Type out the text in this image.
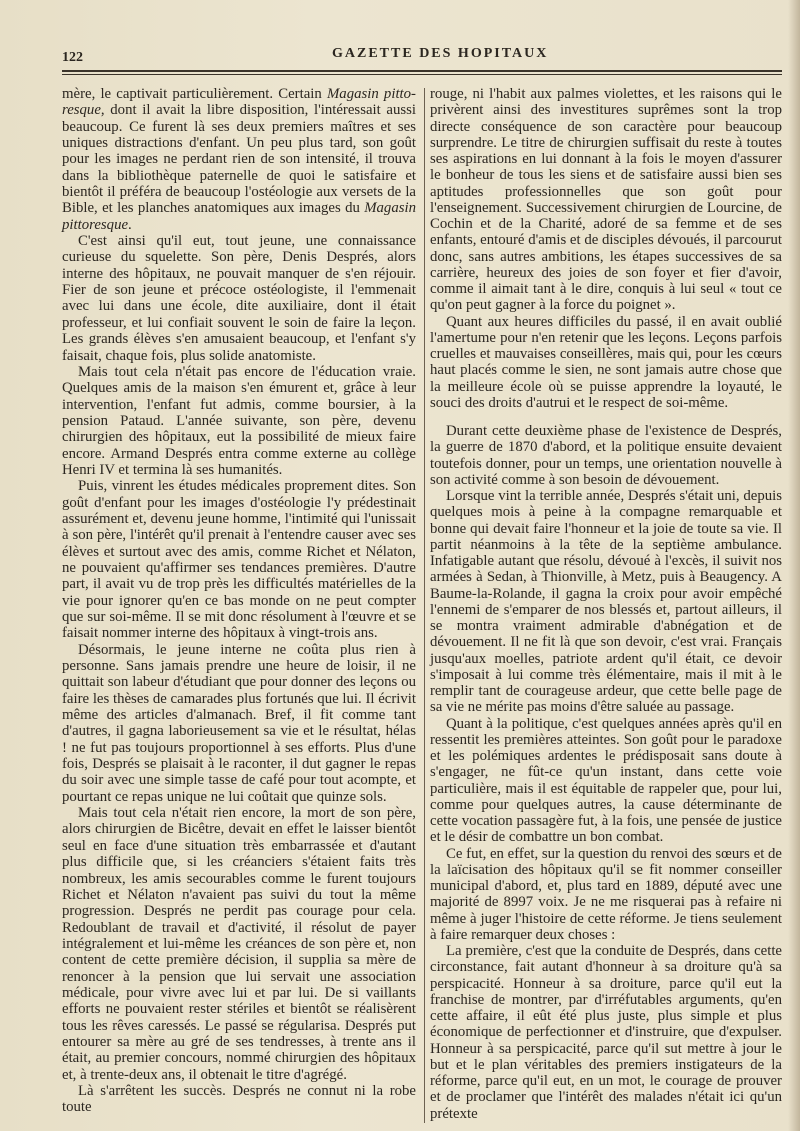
122	GAZETTE DES HOPITAUX

mère, le captivait particulièrement. Certain Magasin pitto-resque, dont il avait la libre disposition, l'intéressait aussi beaucoup. Ce furent là ses deux premiers maîtres et ses uniques distractions d'enfant. Un peu plus tard, son goût pour les images ne perdant rien de son intensité, il trouva dans la bibliothèque paternelle de quoi le satisfaire et bientôt il préféra de beaucoup l'ostéologie aux versets de la Bible, et les planches anatomiques aux images du Magasin pittoresque.

C'est ainsi qu'il eut, tout jeune, une connaissance curieuse du squelette. Son père, Denis Després, alors interne des hôpitaux, ne pouvait manquer de s'en réjouir. Fier de son jeune et précoce ostéologiste, il l'emmenait avec lui dans une école, dite auxiliaire, dont il était professeur, et lui confiait souvent le soin de faire la leçon. Les grands élèves s'en amusaient beaucoup, et l'enfant s'y faisait, chaque fois, plus solide anatomiste.

Mais tout cela n'était pas encore de l'éducation vraie. Quelques amis de la maison s'en émurent et, grâce à leur intervention, l'enfant fut admis, comme boursier, à la pension Pataud. L'année suivante, son père, devenu chirurgien des hôpitaux, eut la possibilité de mieux faire encore. Armand Després entra comme externe au collège Henri IV et termina là ses humanités.

Puis, vinrent les études médicales proprement dites. Son goût d'enfant pour les images d'ostéologie l'y prédestinait assurément et, devenu jeune homme, l'intimité qui l'unissait à son père, l'intérêt qu'il prenait à l'entendre causer avec ses élèves et surtout avec des amis, comme Richet et Nélaton, ne pouvaient qu'affirmer ses tendances premières. D'autre part, il avait vu de trop près les difficultés matérielles de la vie pour ignorer qu'en ce bas monde on ne peut compter que sur soi-même. Il se mit donc résolument à l'œuvre et se faisait nommer interne des hôpitaux à vingt-trois ans.

Désormais, le jeune interne ne coûta plus rien à personne. Sans jamais prendre une heure de loisir, il ne quittait son labeur d'étudiant que pour donner des leçons ou faire les thèses de camarades plus fortunés que lui. Il écrivit même des articles d'almanach. Bref, il fit comme tant d'autres, il gagna laborieusement sa vie et le résultat, hélas ! ne fut pas toujours proportionnel à ses efforts. Plus d'une fois, Després se plaisait à le raconter, il dut gagner le repas du soir avec une simple tasse de café pour tout acompte, et pourtant ce repas unique ne lui coûtait que quinze sols.

Mais tout cela n'était rien encore, la mort de son père, alors chirurgien de Bicêtre, devait en effet le laisser bientôt seul en face d'une situation très embarrassée et d'autant plus difficile que, si les créanciers s'étaient faits très nombreux, les amis secourables comme le furent toujours Richet et Nélaton n'avaient pas suivi du tout la même progression. Després ne perdit pas courage pour cela. Redoublant de travail et d'activité, il résolut de payer intégralement et lui-même les créances de son père et, non content de cette première décision, il supplia sa mère de renoncer à la pension que lui servait une association médicale, pour vivre avec lui et par lui. De si vaillants efforts ne pouvaient rester stériles et bientôt se réalisèrent tous les rêves caressés. Le passé se régularisa. Després put entourer sa mère au gré de ses tendresses, à trente ans il était, au premier concours, nommé chirurgien des hôpitaux et, à trente-deux ans, il obtenait le titre d'agrégé.

Là s'arrêtent les succès. Després ne connut ni la robe toute

rouge, ni l'habit aux palmes violettes, et les raisons qui le privèrent ainsi des investitures suprêmes sont la trop directe conséquence de son caractère pour beaucoup surprendre. Le titre de chirurgien suffisait du reste à toutes ses aspirations en lui donnant à la fois le moyen d'assurer le bonheur de tous les siens et de satisfaire aussi bien ses aptitudes professionnelles que son goût pour l'enseignement. Successivement chirurgien de Lourcine, de Cochin et de la Charité, adoré de sa femme et de ses enfants, entouré d'amis et de disciples dévoués, il parcourut donc, sans autres ambitions, les étapes successives de sa carrière, heureux des joies de son foyer et fier d'avoir, comme il aimait tant à le dire, conquis à lui seul « tout ce qu'on peut gagner à la force du poignet ».

Quant aux heures difficiles du passé, il en avait oublié l'amertume pour n'en retenir que les leçons. Leçons parfois cruelles et mauvaises conseillères, mais qui, pour les cœurs haut placés comme le sien, ne sont jamais autre chose que la meilleure école où se puisse apprendre la loyauté, le souci des droits d'autrui et le respect de soi-même.

Durant cette deuxième phase de l'existence de Després, la guerre de 1870 d'abord, et la politique ensuite devaient toutefois donner, pour un temps, une orientation nouvelle à son activité comme à son besoin de dévouement.

Lorsque vint la terrible année, Després s'était uni, depuis quelques mois à peine à la compagne remarquable et bonne qui devait faire l'honneur et la joie de toute sa vie. Il partit néanmoins à la tête de la septième ambulance. Infatigable autant que résolu, dévoué à l'excès, il suivit nos armées à Sedan, à Thionville, à Metz, puis à Beaugency. A Baume-la-Rolande, il gagna la croix pour avoir empêché l'ennemi de s'emparer de nos blessés et, partout ailleurs, il se montra vraiment admirable d'abnégation et de dévouement. Il ne fit là que son devoir, c'est vrai. Français jusqu'aux moelles, patriote ardent qu'il était, ce devoir s'imposait à lui comme très élémentaire, mais il mit à le remplir tant de courageuse ardeur, que cette belle page de sa vie ne mérite pas moins d'être saluée au passage.

Quant à la politique, c'est quelques années après qu'il en ressentit les premières atteintes. Son goût pour le paradoxe et les polémiques ardentes le prédisposait sans doute à s'engager, ne fût-ce qu'un instant, dans cette voie particulière, mais il est équitable de rappeler que, pour lui, comme pour quelques autres, la cause déterminante de cette vocation passagère fut, à la fois, une pensée de justice et le désir de combattre un bon combat.

Ce fut, en effet, sur la question du renvoi des sœurs et de la laïcisation des hôpitaux qu'il se fit nommer conseiller municipal d'abord, et, plus tard en 1889, député avec une majorité de 8997 voix. Je ne me risquerai pas à refaire ni même à juger l'histoire de cette réforme. Je tiens seulement à faire remarquer deux choses :

La première, c'est que la conduite de Després, dans cette circonstance, fait autant d'honneur à sa droiture qu'à sa perspicacité. Honneur à sa droiture, parce qu'il eut la franchise de montrer, par d'irréfutables arguments, qu'en cette affaire, il eût été plus juste, plus simple et plus économique de perfectionner et d'instruire, que d'expulser. Honneur à sa perspicacité, parce qu'il sut mettre à jour le but et le plan véritables des premiers instigateurs de la réforme, parce qu'il eut, en un mot, le courage de prouver et de proclamer que l'intérêt des malades n'était ici qu'un prétexte
